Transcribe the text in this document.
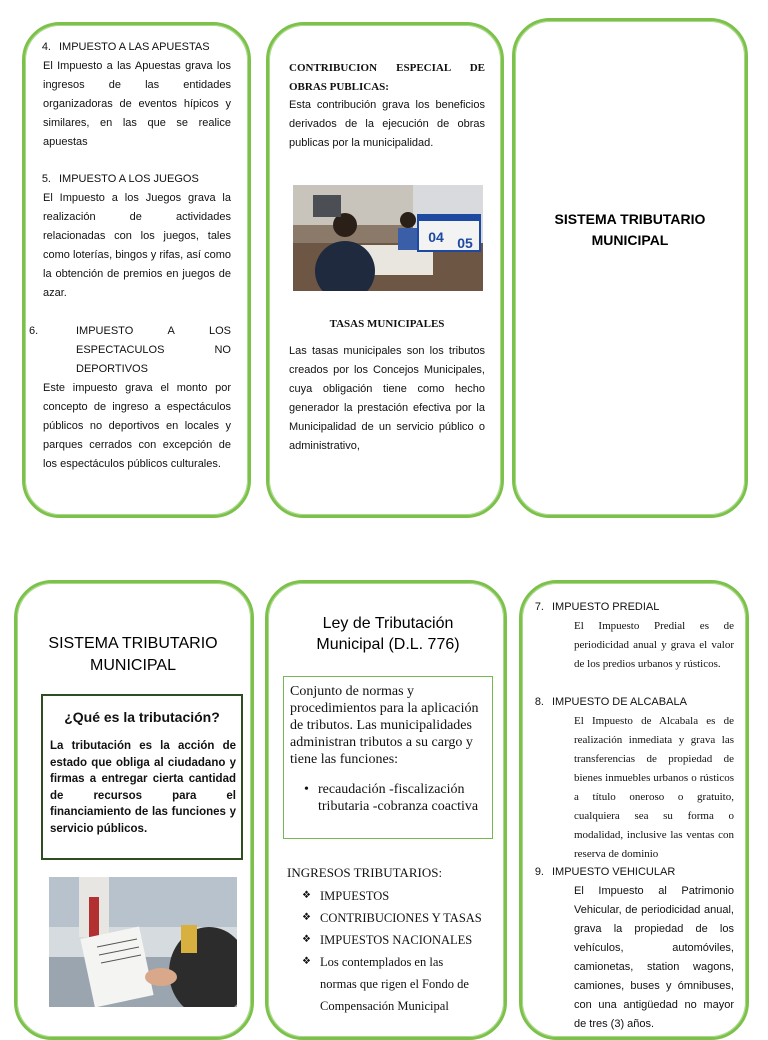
4. IMPUESTO A LAS APUESTAS
El Impuesto a las Apuestas grava los ingresos de las entidades organizadoras de eventos hípicos y similares, en las que se realice apuestas
5. IMPUESTO A LOS JUEGOS
El Impuesto a los Juegos grava la realización de actividades relacionadas con los juegos, tales como loterías, bingos y rifas, así como la obtención de premios en juegos de azar.
6.	IMPUESTO A LOS ESPECTACULOS NO DEPORTIVOS
Este impuesto grava el monto por concepto de ingreso a espectáculos públicos no deportivos en locales y parques cerrados con excepción de los espectáculos públicos culturales.
CONTRIBUCION ESPECIAL DE OBRAS PUBLICAS:
Esta contribución grava los beneficios derivados de la ejecución de obras publicas por la municipalidad.
04 05
TASAS MUNICIPALES
Las tasas municipales son los tributos creados por los Concejos Municipales, cuya obligación tiene como hecho generador la prestación efectiva por la Municipalidad de un servicio público o administrativo,
SISTEMA TRIBUTARIO MUNICIPAL
SISTEMA TRIBUTARIO MUNICIPAL
¿Qué es la tributación?
La tributación es la acción de estado que obliga al ciudadano y firmas a entregar cierta cantidad de recursos para el financiamiento de las funciones y servicio públicos.
Ley de Tributación Municipal (D.L. 776)
Conjunto de normas y procedimientos para la aplicación de tributos. Las municipalidades administran tributos a su cargo y tiene las funciones:
• recaudación -fiscalización tributaria -cobranza coactiva
INGRESOS TRIBUTARIOS:
❖ IMPUESTOS
❖ CONTRIBUCIONES Y TASAS
❖ IMPUESTOS NACIONALES
❖ Los contemplados en las normas que rigen el Fondo de Compensación Municipal
7. IMPUESTO PREDIAL
El Impuesto Predial es de periodicidad anual y grava el valor de los predios urbanos y rústicos.
8. IMPUESTO DE ALCABALA
El Impuesto de Alcabala es de realización inmediata y grava las transferencias de propiedad de bienes inmuebles urbanos o rústicos a título oneroso o gratuito, cualquiera sea su forma o modalidad, inclusive las ventas con reserva de dominio
9. IMPUESTO VEHICULAR
El Impuesto al Patrimonio Vehicular, de periodicidad anual, grava la propiedad de los vehículos, automóviles, camionetas, station wagons, camiones, buses y ómnibuses, con una antigüedad no mayor de tres (3) años.
